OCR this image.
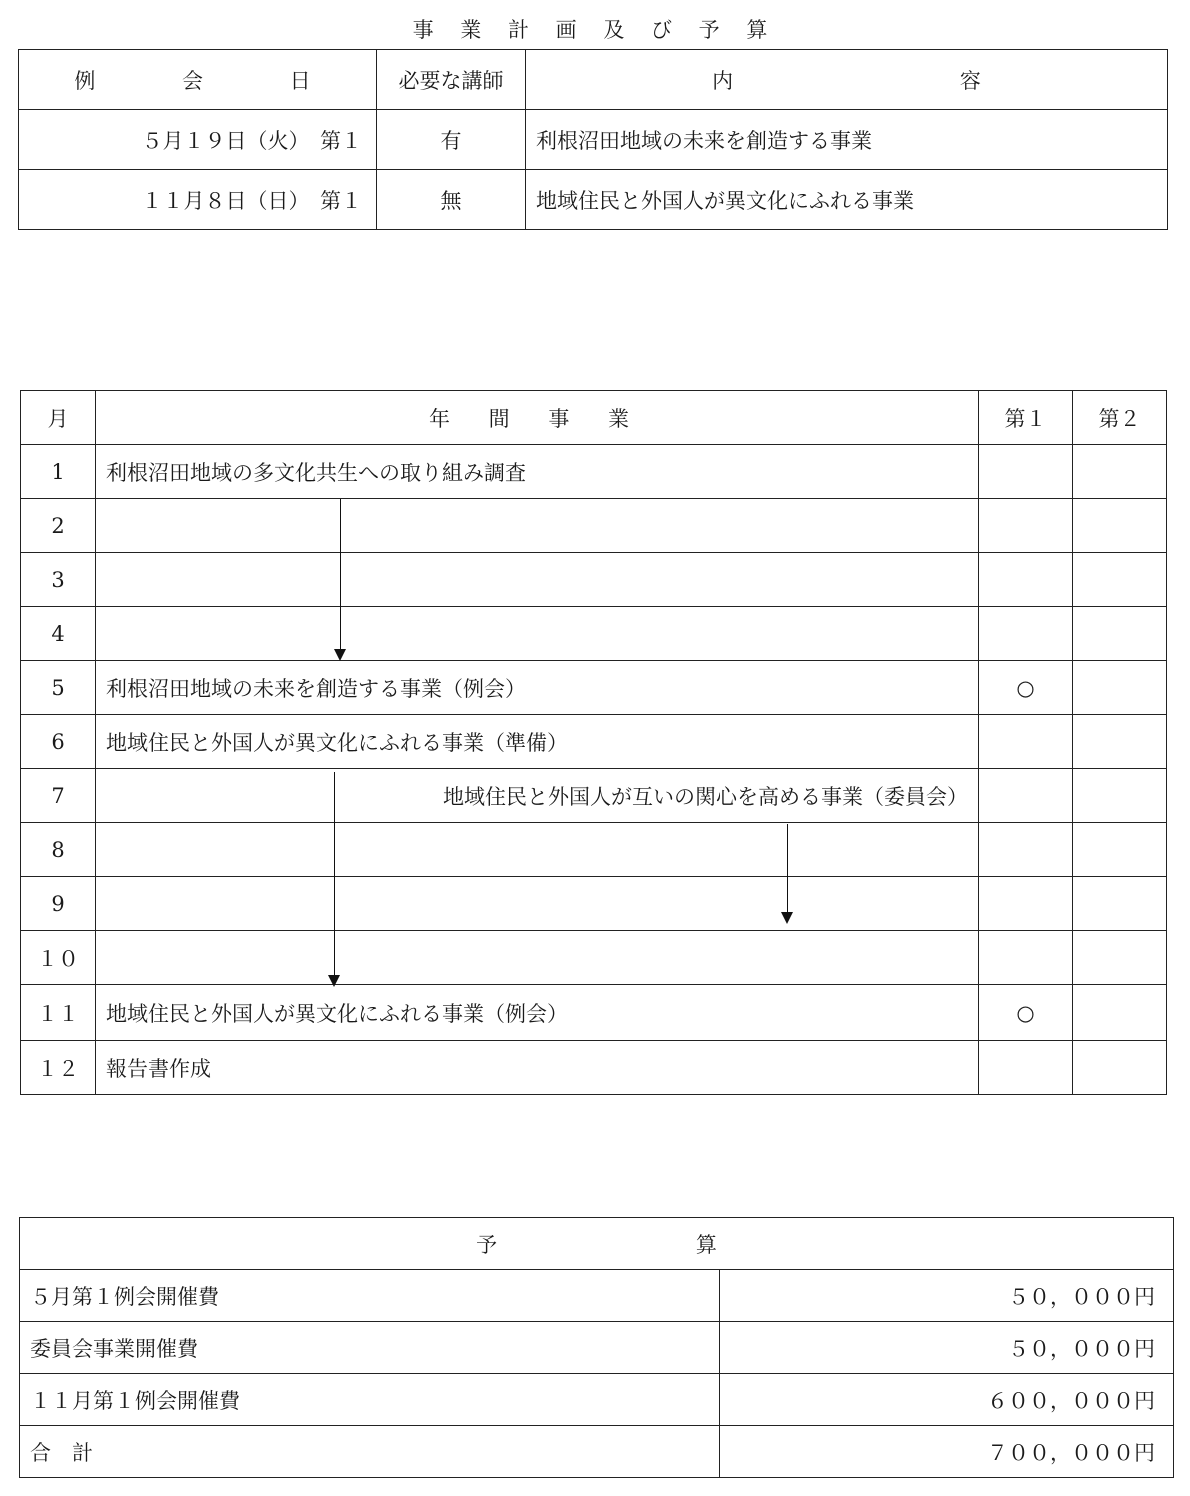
事 業 計 画 及 び 予 算
例 会 日	必要な講師	内 容
５月１９日（火）　第１	有	利根沼田地域の未来を創造する事業
１１月８日（日）　第１	無	地域住民と外国人が異文化にふれる事業
月	年 間 事 業	第１	第２
1	利根沼田地域の多文化共生への取り組み調査		
2			
3			
4			
5	利根沼田地域の未来を創造する事業（例会）	○	
6	地域住民と外国人が異文化にふれる事業（準備）		
7	地域住民と外国人が互いの関心を高める事業（委員会）		

8			
9			
１０			
１１	地域住民と外国人が異文化にふれる事業（例会）	○	
１２	報告書作成		
予 算	
５月第１例会開催費	５０，０００円
委員会事業開催費	５０，０００円
１１月第１例会開催費	６００，０００円
合　計	７００，０００円
